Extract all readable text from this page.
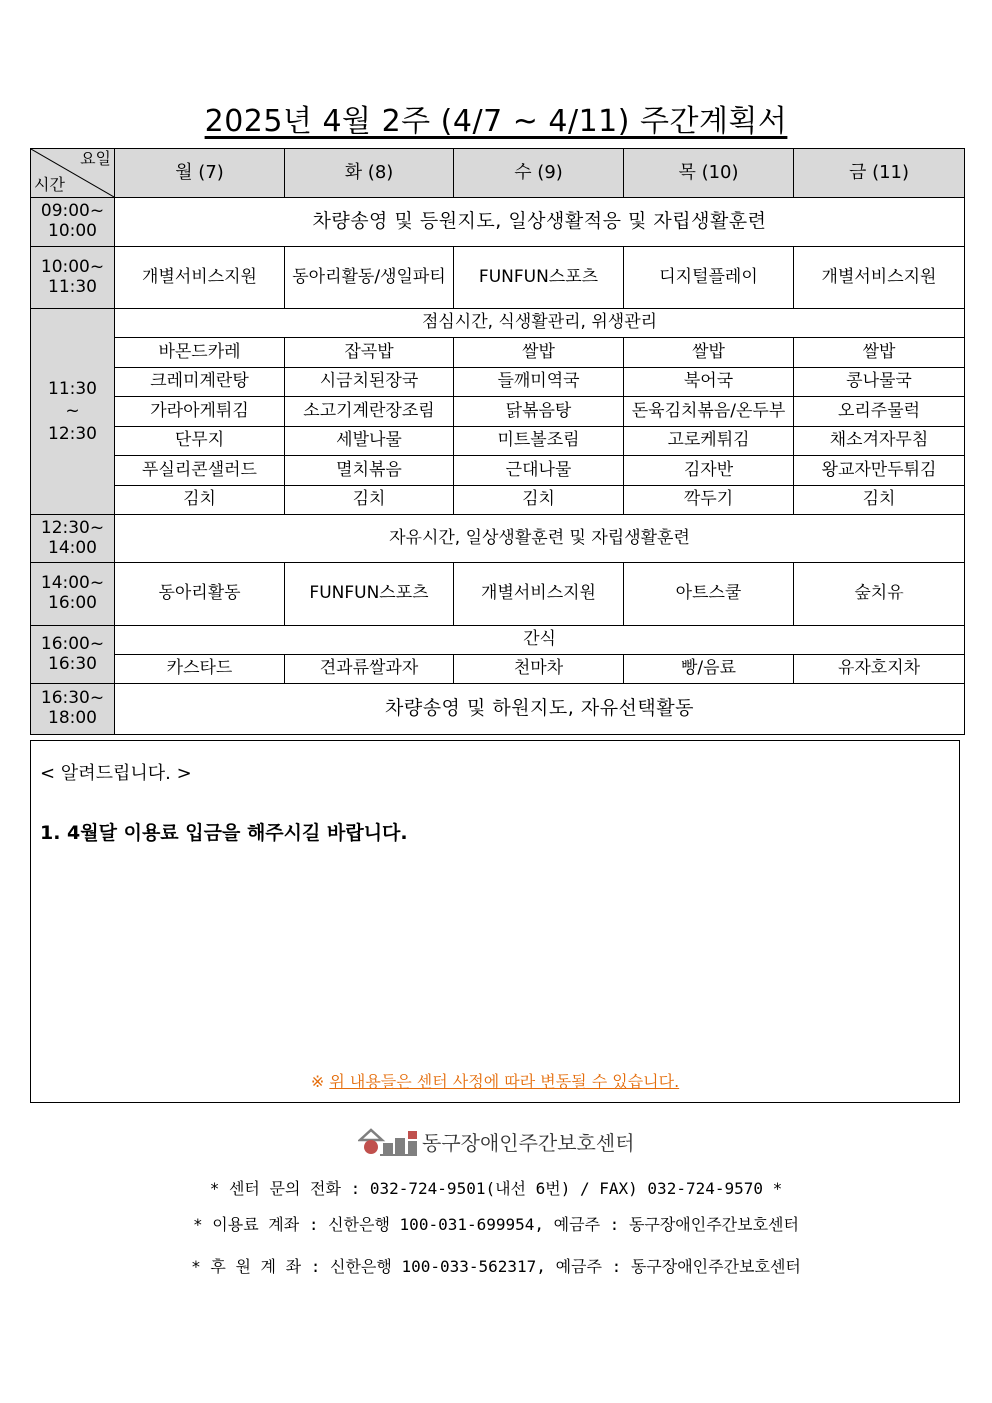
2025년 4월 2주 (4/7 ~ 4/11) 주간계획서
요일
시간	월 (7)	화 (8)	수 (9)	목 (10)	금 (11)
09:00~
10:00	차량송영 및 등원지도, 일상생활적응 및 자립생활훈련				
10:00~
11:30	개별서비스지원	동아리활동/생일파티	FUNFUN스포츠	디지털플레이	개별서비스지원
11:30
~
12:30	점심시간, 식생활관리, 위생관리				
	바몬드카레	잡곡밥	쌀밥	쌀밥	쌀밥
	크레미계란탕	시금치된장국	들깨미역국	북어국	콩나물국
	가라아게튀김	소고기계란장조림	닭볶음탕	돈육김치볶음/온두부	오리주물럭
	단무지	세발나물	미트볼조림	고로케튀김	채소겨자무침
	푸실리콘샐러드	멸치볶음	근대나물	김자반	왕교자만두튀김
	김치	김치	김치	깍두기	김치
12:30~
14:00	자유시간, 일상생활훈련 및 자립생활훈련				
14:00~
16:00	동아리활동	FUNFUN스포츠	개별서비스지원	아트스쿨	숲치유
16:00~
16:30	간식				
	카스타드	견과류쌀과자	천마차	빵/음료	유자호지차
16:30~
18:00	차량송영 및 하원지도, 자유선택활동				
< 알려드립니다. >
1. 4월달 이용료 입금을 해주시길 바랍니다.
※ 위 내용들은 센터 사정에 따라 변동될 수 있습니다.
동구장애인주간보호센터
* 센터 문의 전화 : 032-724-9501(내선 6번) / FAX) 032-724-9570 *
* 이용료 계좌 : 신한은행 100-031-699954, 예금주 : 동구장애인주간보호센터
* 후 원 계 좌 : 신한은행 100-033-562317, 예금주 : 동구장애인주간보호센터
